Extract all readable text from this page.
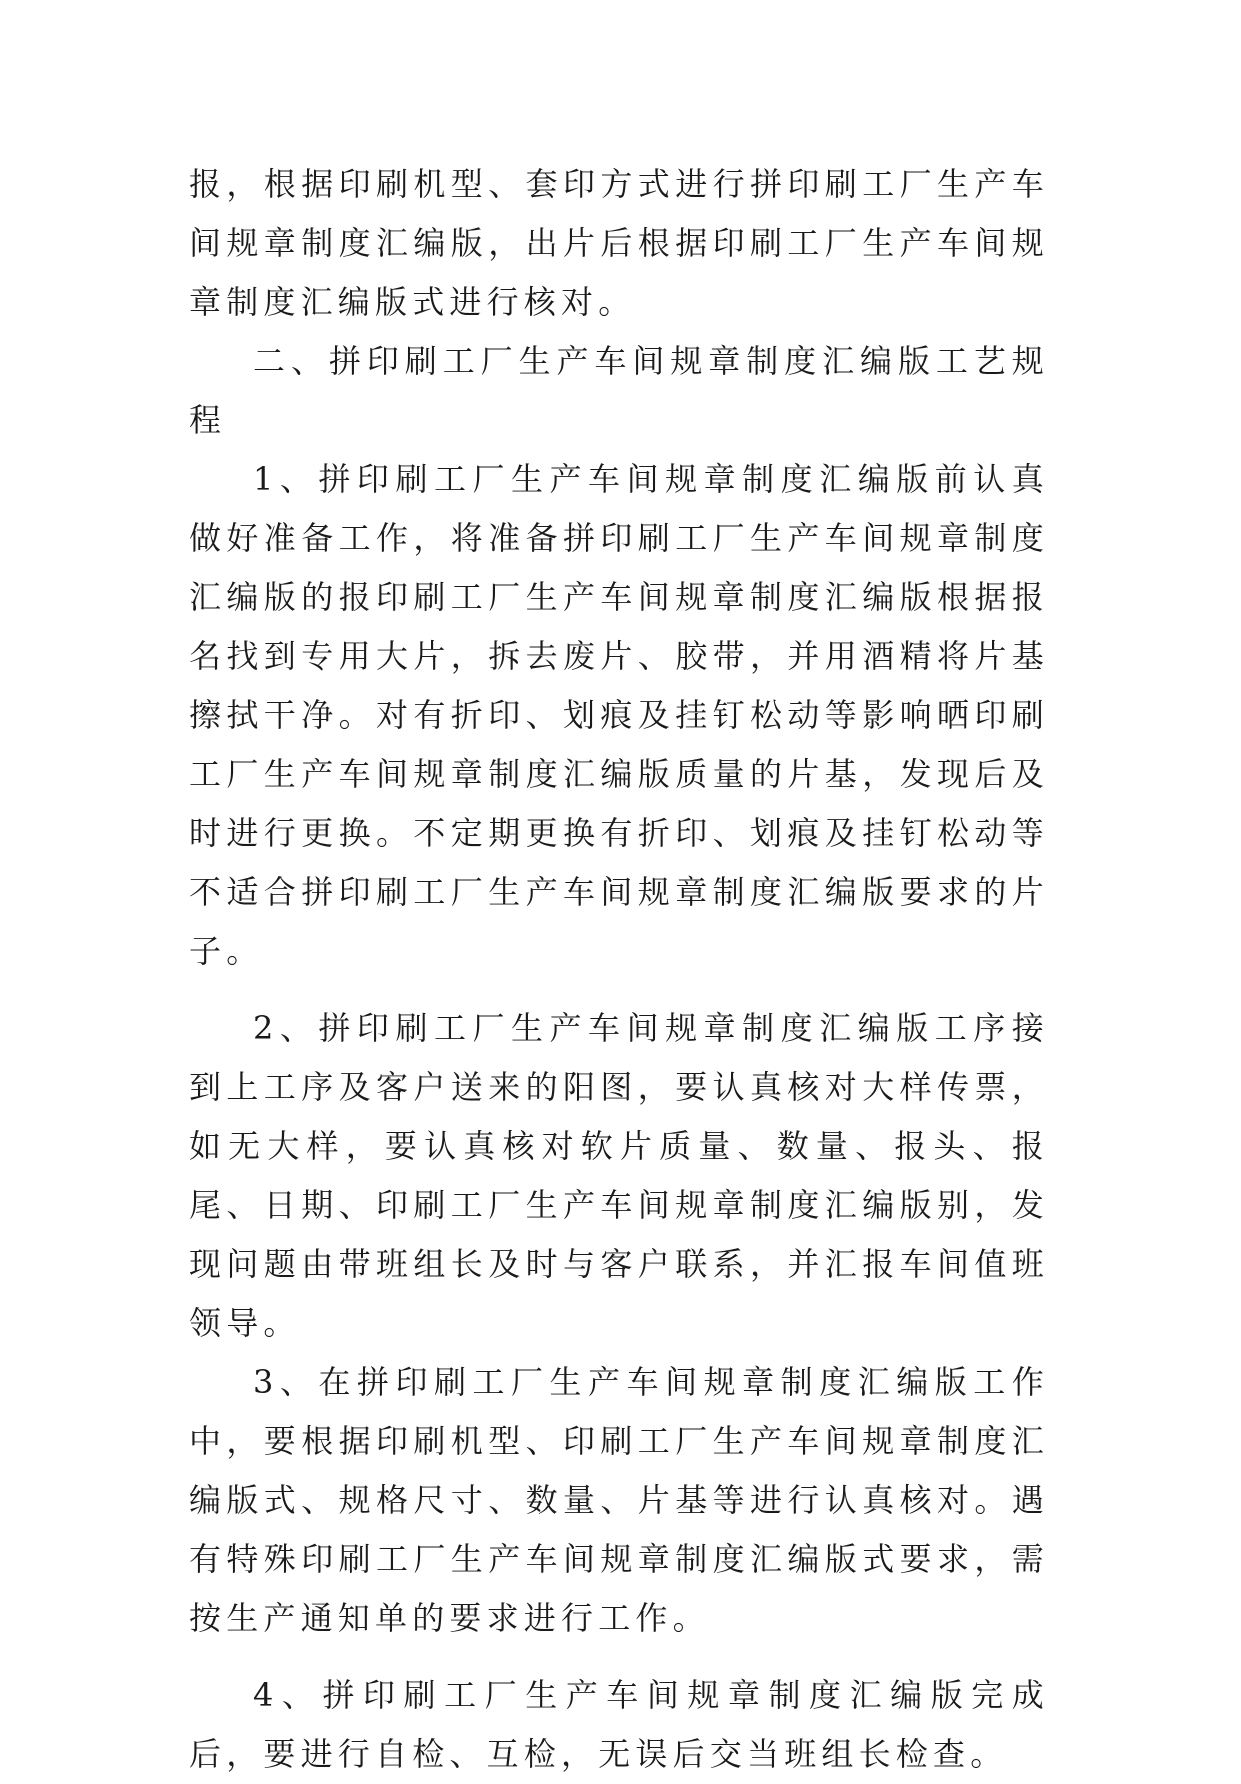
报，根据印刷机型、套印方式进行拼印刷工厂生产车间规章制度汇编版，出片后根据印刷工厂生产车间规章制度汇编版式进行核对。

二、拼印刷工厂生产车间规章制度汇编版工艺规程

1、拼印刷工厂生产车间规章制度汇编版前认真做好准备工作，将准备拼印刷工厂生产车间规章制度汇编版的报印刷工厂生产车间规章制度汇编版根据报名找到专用大片，拆去废片、胶带，并用酒精将片基擦拭干净。对有折印、划痕及挂钉松动等影响晒印刷工厂生产车间规章制度汇编版质量的片基，发现后及时进行更换。不定期更换有折印、划痕及挂钉松动等不适合拼印刷工厂生产车间规章制度汇编版要求的片子。

2、拼印刷工厂生产车间规章制度汇编版工序接到上工序及客户送来的阳图，要认真核对大样传票，如无大样，要认真核对软片质量、数量、报头、报尾、日期、印刷工厂生产车间规章制度汇编版别，发现问题由带班组长及时与客户联系，并汇报车间值班领导。

3、在拼印刷工厂生产车间规章制度汇编版工作中，要根据印刷机型、印刷工厂生产车间规章制度汇编版式、规格尺寸、数量、片基等进行认真核对。遇有特殊印刷工厂生产车间规章制度汇编版式要求，需按生产通知单的要求进行工作。

4、拼印刷工厂生产车间规章制度汇编版完成后，要进行自检、互检，无误后交当班组长检查。
